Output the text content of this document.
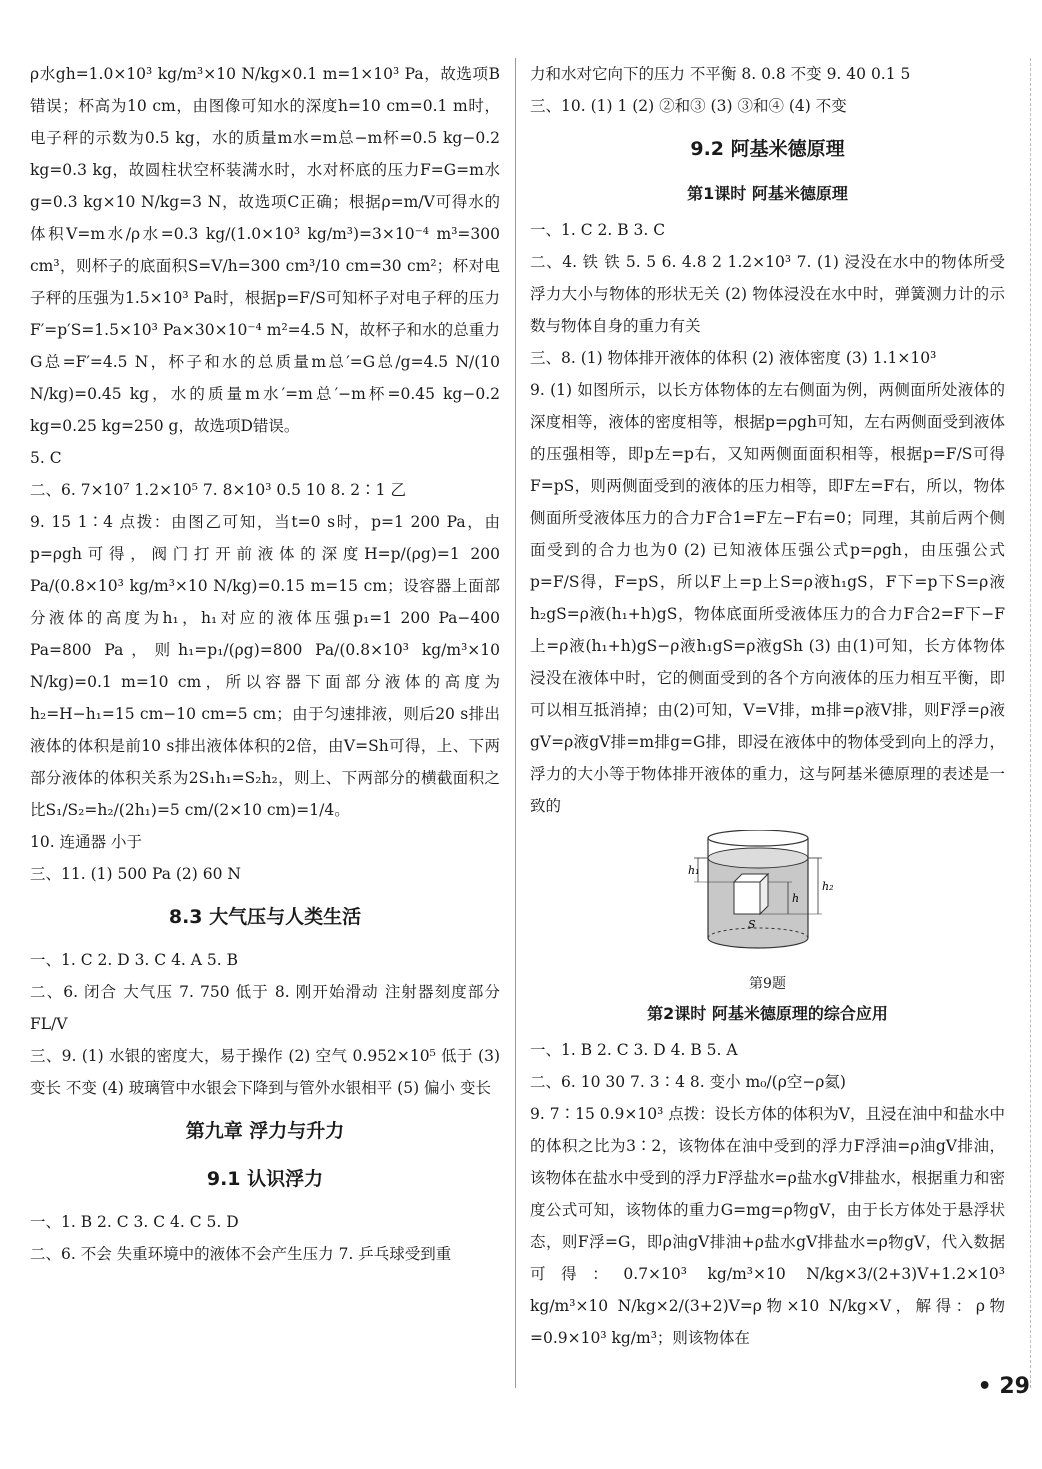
ρ水gh=1.0×10³ kg/m³×10 N/kg×0.1 m=1×10³ Pa，故选项B错误；杯高为10 cm，由图像可知水的深度h=10 cm=0.1 m时，电子秤的示数为0.5 kg，水的质量m水=m总−m杯=0.5 kg−0.2 kg=0.3 kg，故圆柱状空杯装满水时，水对杯底的压力F=G=m水g=0.3 kg×10 N/kg=3 N，故选项C正确；根据ρ=m/V可得水的体积V=m水/ρ水=0.3 kg/(1.0×10³ kg/m³)=3×10⁻⁴ m³=300 cm³，则杯子的底面积S=V/h=300 cm³/10 cm=30 cm²；杯对电子秤的压强为1.5×10³ Pa时，根据p=F/S可知杯子对电子秤的压力F′=p′S=1.5×10³ Pa×30×10⁻⁴ m²=4.5 N，故杯子和水的总重力G总=F′=4.5 N，杯子和水的总质量m总′=G总/g=4.5 N/(10 N/kg)=0.45 kg，水的质量m水′=m总′−m杯=0.45 kg−0.2 kg=0.25 kg=250 g，故选项D错误。

5. C

二、6. 7×10⁷ 1.2×10⁵ 7. 8×10³ 0.5 10 8. 2∶1 乙

9. 15 1∶4 点拨：由图乙可知，当t=0 s时，p=1 200 Pa，由p=ρgh可得，阀门打开前液体的深度H=p/(ρg)=1 200 Pa/(0.8×10³ kg/m³×10 N/kg)=0.15 m=15 cm；设容器上面部分液体的高度为h₁，h₁对应的液体压强p₁=1 200 Pa−400 Pa=800 Pa，则h₁=p₁/(ρg)=800 Pa/(0.8×10³ kg/m³×10 N/kg)=0.1 m=10 cm，所以容器下面部分液体的高度为h₂=H−h₁=15 cm−10 cm=5 cm；由于匀速排液，则后20 s排出液体的体积是前10 s排出液体体积的2倍，由V=Sh可得，上、下两部分液体的体积关系为2S₁h₁=S₂h₂，则上、下两部分的横截面积之比S₁/S₂=h₂/(2h₁)=5 cm/(2×10 cm)=1/4。

10. 连通器 小于

三、11. (1) 500 Pa (2) 60 N

8.3 大气压与人类生活

一、1. C 2. D 3. C 4. A 5. B

二、6. 闭合 大气压 7. 750 低于 8. 刚开始滑动 注射器刻度部分 FL/V

三、9. (1) 水银的密度大，易于操作 (2) 空气 0.952×10⁵ 低于 (3) 变长 不变 (4) 玻璃管中水银会下降到与管外水银相平 (5) 偏小 变长

第九章 浮力与升力
9.1 认识浮力

一、1. B 2. C 3. C 4. C 5. D

二、6. 不会 失重环境中的液体不会产生压力 7. 乒乓球受到重

力和水对它向下的压力 不平衡 8. 0.8 不变 9. 40 0.1 5

三、10. (1) 1 (2) ②和③ (3) ③和④ (4) 不变

9.2 阿基米德原理
第1课时 阿基米德原理

一、1. C 2. B 3. C

二、4. 铁 铁 5. 5 6. 4.8 2 1.2×10³ 7. (1) 浸没在水中的物体所受浮力大小与物体的形状无关 (2) 物体浸没在水中时，弹簧测力计的示数与物体自身的重力有关

三、8. (1) 物体排开液体的体积 (2) 液体密度 (3) 1.1×10³

9. (1) 如图所示，以长方体物体的左右侧面为例，两侧面所处液体的深度相等，液体的密度相等，根据p=ρgh可知，左右两侧面受到液体的压强相等，即p左=p右，又知两侧面面积相等，根据p=F/S可得F=pS，则两侧面受到的液体的压力相等，即F左=F右，所以，物体侧面所受液体压力的合力F合1=F左−F右=0；同理，其前后两个侧面受到的合力也为0 (2) 已知液体压强公式p=ρgh，由压强公式p=F/S得，F=pS，所以F上=p上S=ρ液h₁gS，F下=p下S=ρ液h₂gS=ρ液(h₁+h)gS，物体底面所受液体压力的合力F合2=F下−F上=ρ液(h₁+h)gS−ρ液h₁gS=ρ液gSh (3) 由(1)可知，长方体物体浸没在液体中时，它的侧面受到的各个方向液体的压力相互平衡，即可以相互抵消掉；由(2)可知，V=V排，m排=ρ液V排，则F浮=ρ液gV=ρ液gV排=m排g=G排，即浸在液体中的物体受到向上的浮力，浮力的大小等于物体排开液体的重力，这与阿基米德原理的表述是一致的

h₁
h₂
h
S
第9题
第2课时 阿基米德原理的综合应用

一、1. B 2. C 3. D 4. B 5. A

二、6. 10 30 7. 3∶4 8. 变小 m₀/(ρ空−ρ氦)

9. 7∶15 0.9×10³ 点拨：设长方体的体积为V，且浸在油中和盐水中的体积之比为3∶2，该物体在油中受到的浮力F浮油=ρ油gV排油，该物体在盐水中受到的浮力F浮盐水=ρ盐水gV排盐水，根据重力和密度公式可知，该物体的重力G=mg=ρ物gV，由于长方体处于悬浮状态，则F浮=G，即ρ油gV排油+ρ盐水gV排盐水=ρ物gV，代入数据可得：0.7×10³ kg/m³×10 N/kg×3/(2+3)V+1.2×10³ kg/m³×10 N/kg×2/(3+2)V=ρ物×10 N/kg×V，解得：ρ物=0.9×10³ kg/m³；则该物体在

• 29
